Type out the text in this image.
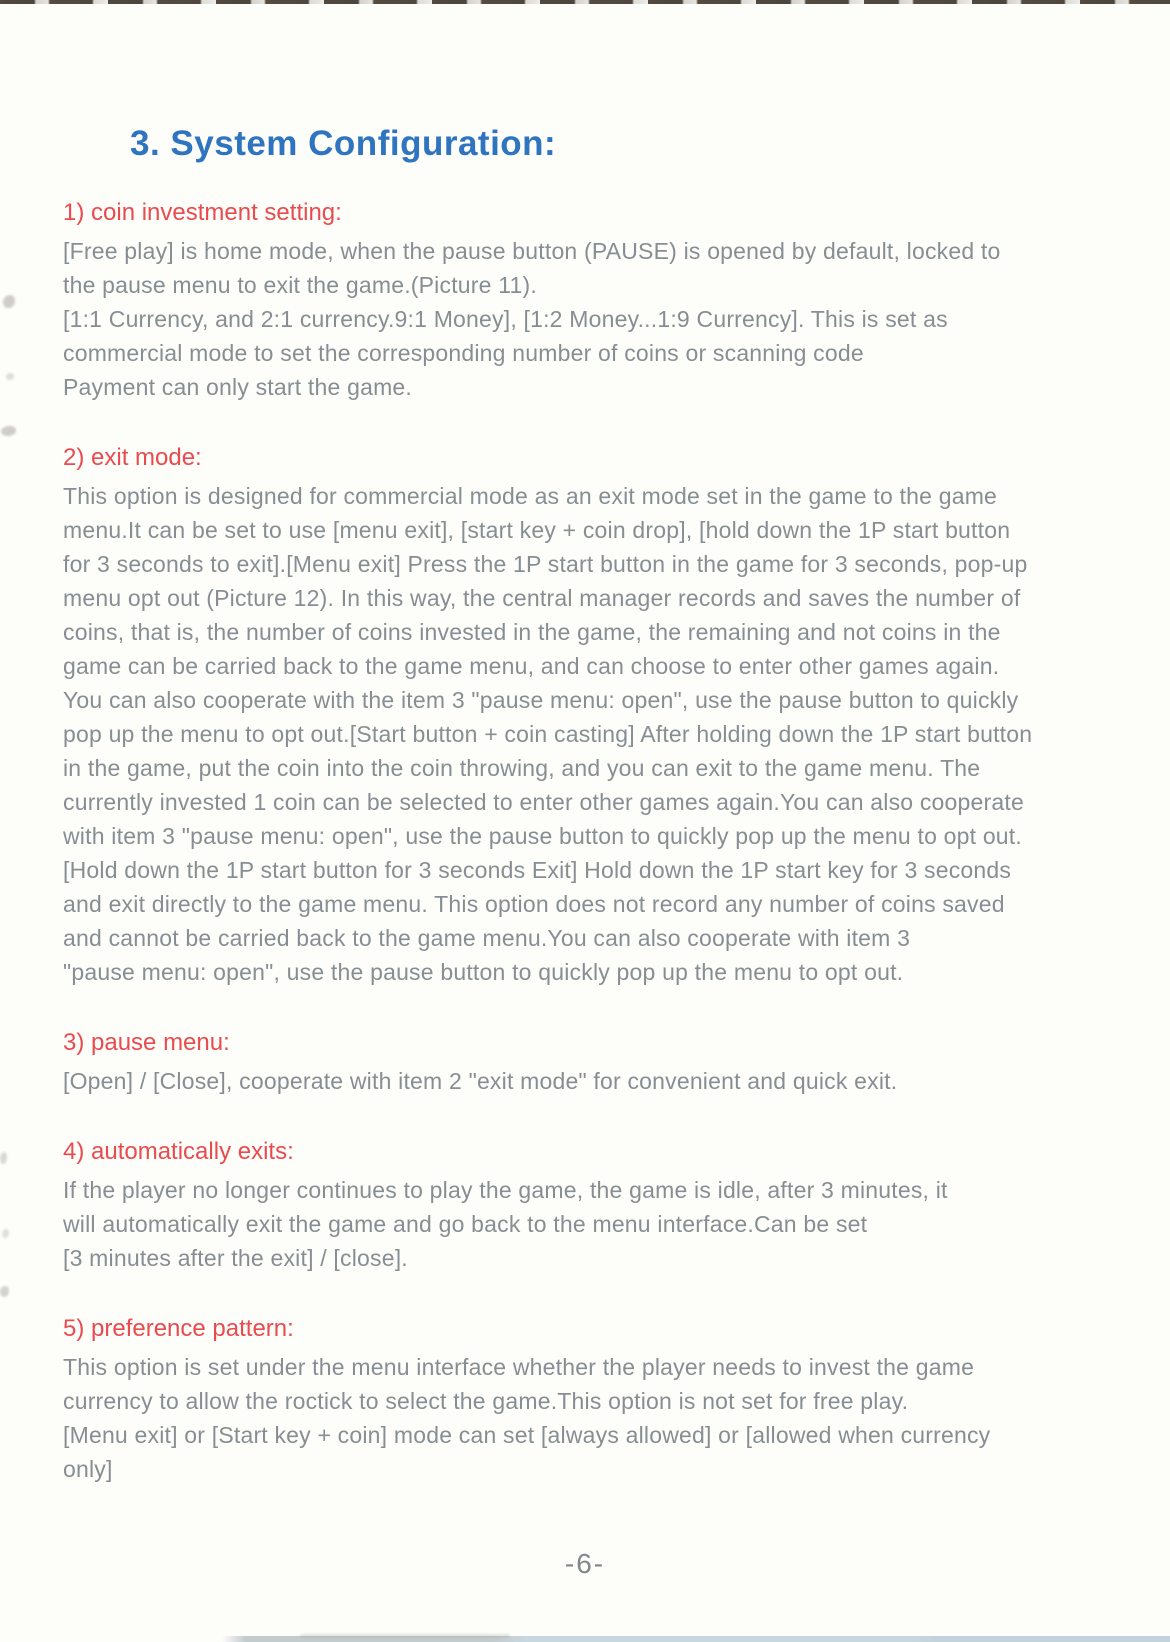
3. System Configuration:
1) coin investment setting:
[Free play] is home mode, when the pause button (PAUSE) is opened by default, locked to
the pause menu to exit the game.(Picture 11).
[1:1 Currency, and 2:1 currency.9:1 Money], [1:2 Money...1:9 Currency]. This is set as
commercial mode to set the corresponding number of coins or scanning code
Payment can only start the game.
2) exit mode:
This option is designed for commercial mode as an exit mode set in the game to the game
menu.It can be set to use [menu exit], [start key + coin drop], [hold down the 1P start button
for 3 seconds to exit].[Menu exit] Press the 1P start button in the game for 3 seconds, pop-up
menu opt out (Picture 12). In this way, the central manager records and saves the number of
coins, that is, the number of coins invested in the game, the remaining and not coins in the
game can be carried back to the game menu, and can choose to enter other games again.
You can also cooperate with the item 3 "pause menu: open", use the pause button to quickly
pop up the menu to opt out.[Start button + coin casting] After holding down the 1P start button
in the game, put the coin into the coin throwing, and you can exit to the game menu. The
currently invested 1 coin can be selected to enter other games again.You can also cooperate
with item 3 "pause menu: open", use the pause button to quickly pop up the menu to opt out.
[Hold down the 1P start button for 3 seconds Exit] Hold down the 1P start key for 3 seconds
and exit directly to the game menu. This option does not record any number of coins saved
and cannot be carried back to the game menu.You can also cooperate with item 3
"pause menu: open", use the pause button to quickly pop up the menu to opt out.
3) pause menu:
[Open] / [Close], cooperate with item 2 "exit mode" for convenient and quick exit.
4) automatically exits:
If the player no longer continues to play the game, the game is idle, after 3 minutes, it
will automatically exit the game and go back to the menu interface.Can be set
[3 minutes after the exit] / [close].
5) preference pattern:
This option is set under the menu interface whether the player needs to invest the game
currency to allow the roctick to select the game.This option is not set for free play.
[Menu exit] or [Start key + coin] mode can set [always allowed] or [allowed when currency
only]
-6-
